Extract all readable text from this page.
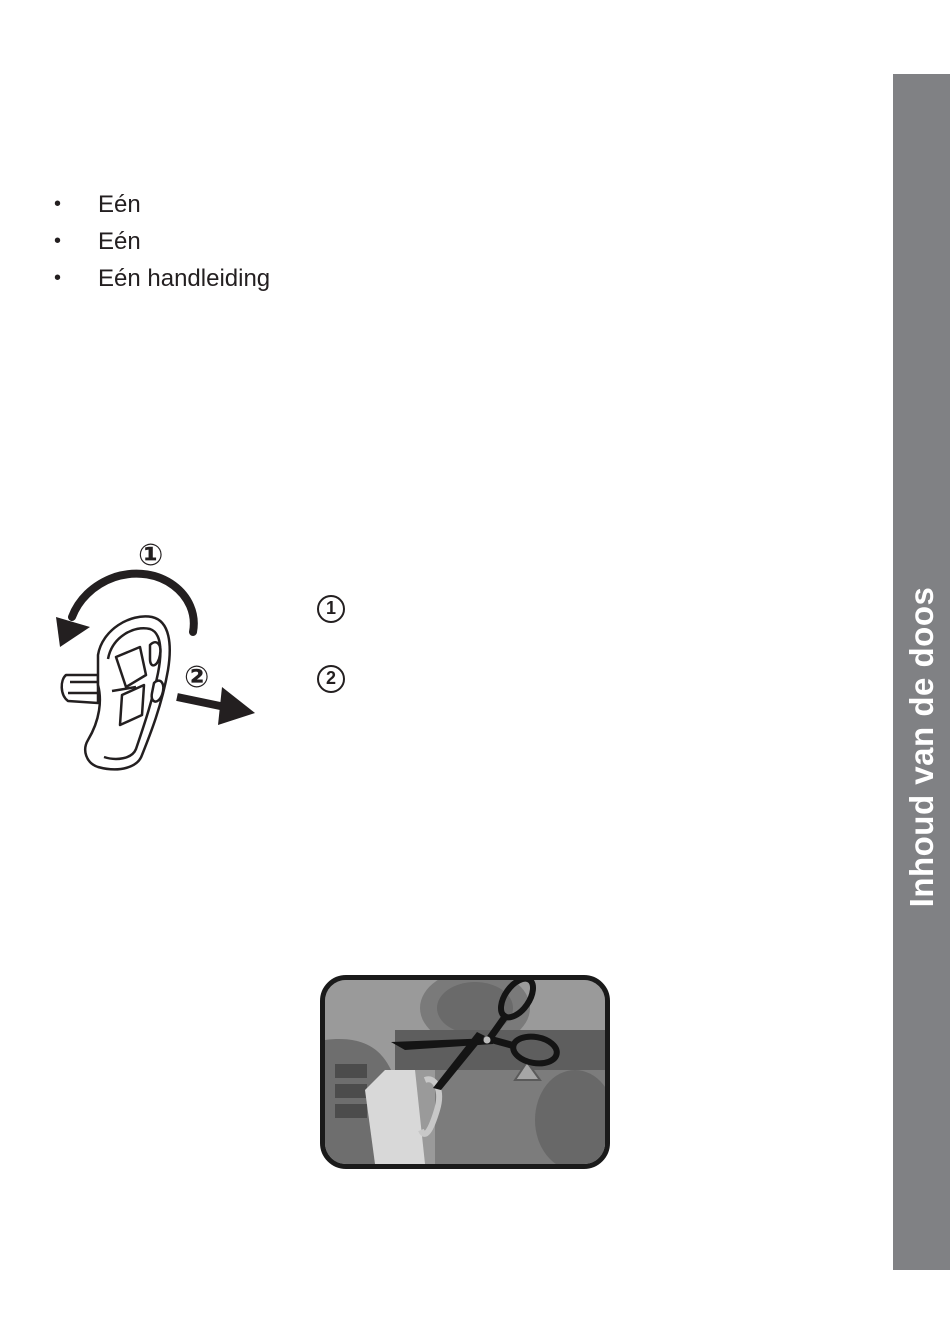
•	Eén
•	Eén
•	Eén handleiding
①
②
1
2	Inhoud van de doos
